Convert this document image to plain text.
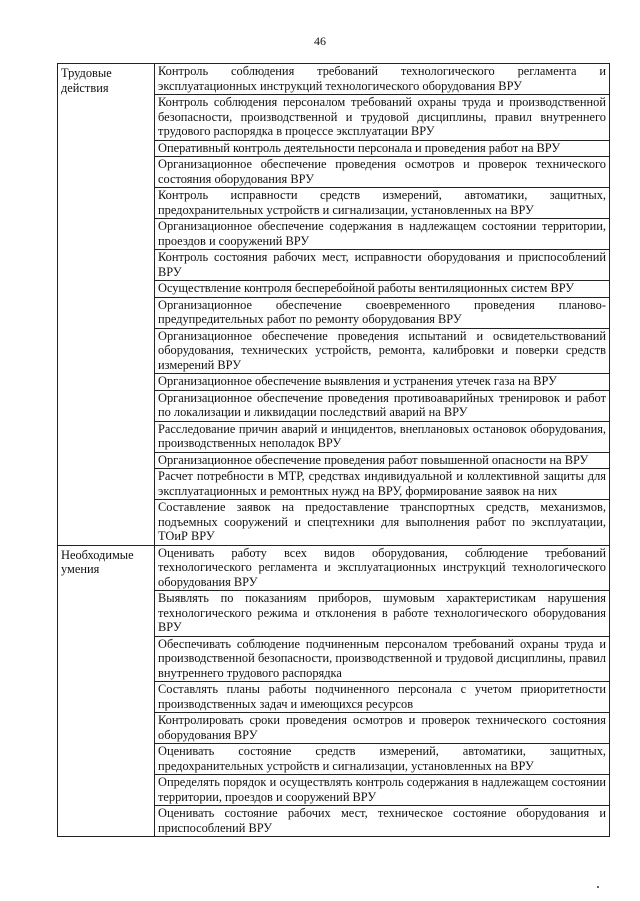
46
Трудовые действия	Контроль соблюдения требований технологического регламента и эксплуатационных инструкций технологического оборудования ВРУ
	Контроль соблюдения персоналом требований охраны труда и производственной безопасности, производственной и трудовой дисциплины, правил внутреннего трудового распорядка в процессе эксплуатации ВРУ
	Оперативный контроль деятельности персонала и проведения работ на ВРУ
	Организационное обеспечение проведения осмотров и проверок технического состояния оборудования ВРУ
	Контроль исправности средств измерений, автоматики, защитных, предохранительных устройств и сигнализации, установленных на ВРУ
	Организационное обеспечение содержания в надлежащем состоянии территории, проездов и сооружений ВРУ
	Контроль состояния рабочих мест, исправности оборудования и приспособлений ВРУ
	Осуществление контроля бесперебойной работы вентиляционных систем ВРУ
	Организационное обеспечение своевременного проведения планово-предупредительных работ по ремонту оборудования ВРУ
	Организационное обеспечение проведения испытаний и освидетельствований оборудования, технических устройств, ремонта, калибровки и поверки средств измерений ВРУ
	Организационное обеспечение выявления и устранения утечек газа на ВРУ
	Организационное обеспечение проведения противоаварийных тренировок и работ по локализации и ликвидации последствий аварий на ВРУ
	Расследование причин аварий и инцидентов, внеплановых остановок оборудования, производственных неполадок ВРУ
	Организационное обеспечение проведения работ повышенной опасности на ВРУ
	Расчет потребности в МТР, средствах индивидуальной и коллективной защиты для эксплуатационных и ремонтных нужд на ВРУ, формирование заявок на них
	Составление заявок на предоставление транспортных средств, механизмов, подъемных сооружений и спецтехники для выполнения работ по эксплуатации, ТОиР ВРУ
Необходимые умения	Оценивать работу всех видов оборудования, соблюдение требований технологического регламента и эксплуатационных инструкций технологического оборудования ВРУ
	Выявлять по показаниям приборов, шумовым характеристикам нарушения технологического режима и отклонения в работе технологического оборудования ВРУ
	Обеспечивать соблюдение подчиненным персоналом требований охраны труда и производственной безопасности, производственной и трудовой дисциплины, правил внутреннего трудового распорядка
	Составлять планы работы подчиненного персонала с учетом приоритетности производственных задач и имеющихся ресурсов
	Контролировать сроки проведения осмотров и проверок технического состояния оборудования ВРУ
	Оценивать состояние средств измерений, автоматики, защитных, предохранительных устройств и сигнализации, установленных на ВРУ
	Определять порядок и осуществлять контроль содержания в надлежащем состоянии территории, проездов и сооружений ВРУ
	Оценивать состояние рабочих мест, техническое состояние оборудования и приспособлений ВРУ
